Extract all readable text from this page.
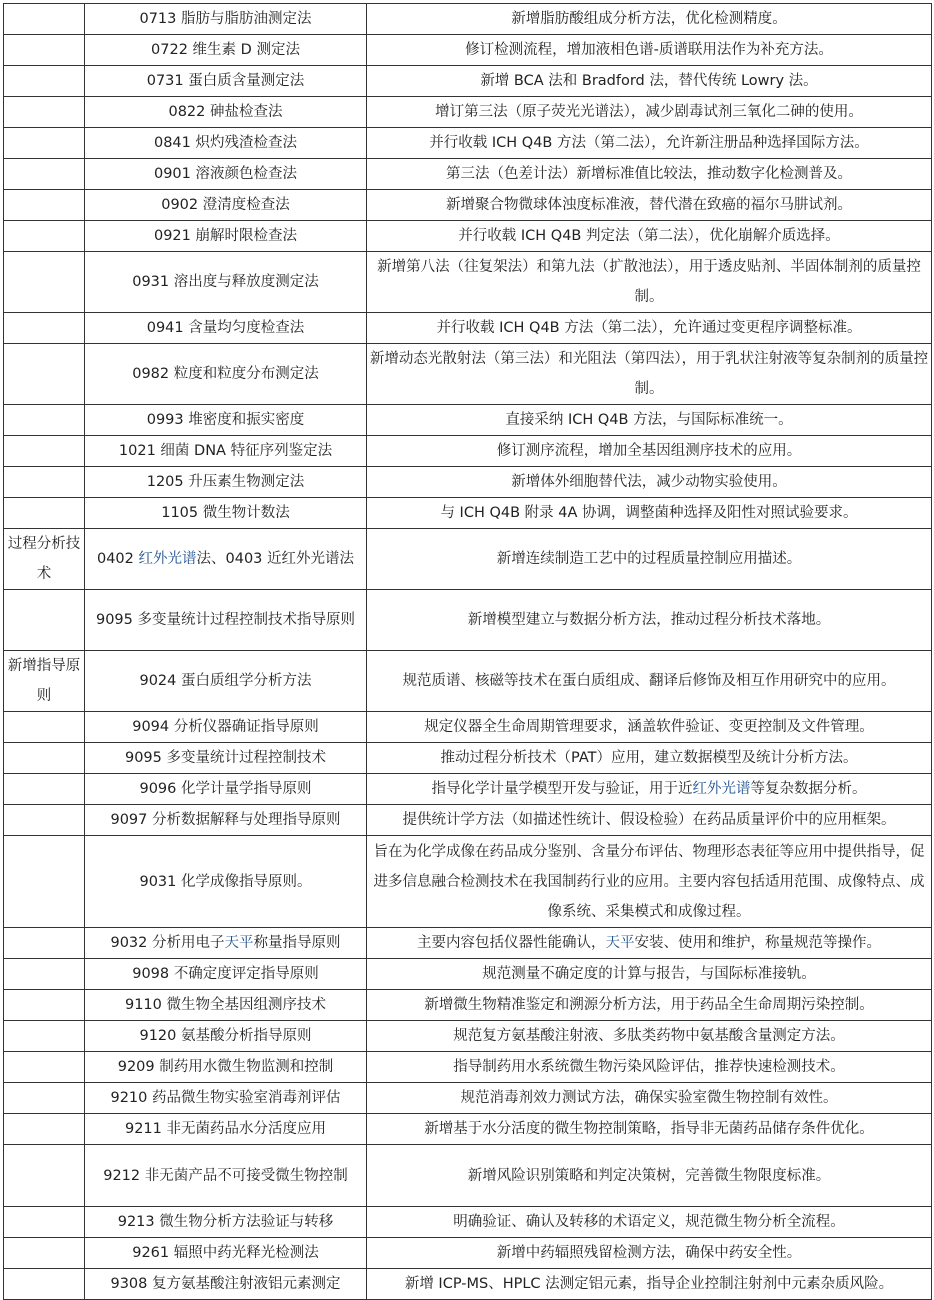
	0713 脂肪与脂肪油测定法	新增脂肪酸组成分析方法，优化检测精度。
	0722 维生素 D 测定法	修订检测流程，增加液相色谱-质谱联用法作为补充方法。
	0731 蛋白质含量测定法	新增 BCA 法和 Bradford 法，替代传统 Lowry 法。
	0822 砷盐检查法	增订第三法（原子荧光光谱法），减少剧毒试剂三氧化二砷的使用。
	0841 炽灼残渣检查法	并行收载 ICH Q4B 方法（第二法），允许新注册品种选择国际方法。
	0901 溶液颜色检查法	第三法（色差计法）新增标准值比较法，推动数字化检测普及。
	0902 澄清度检查法	新增聚合物微球体浊度标准液，替代潜在致癌的福尔马肼试剂。
	0921 崩解时限检查法	并行收载 ICH Q4B 判定法（第二法），优化崩解介质选择。
	0931 溶出度与释放度测定法	新增第八法（往复架法）和第九法（扩散池法），用于透皮贴剂、半固体制剂的质量控制。
	0941 含量均匀度检查法	并行收载 ICH Q4B 方法（第二法），允许通过变更程序调整标准。
	0982 粒度和粒度分布测定法	新增动态光散射法（第三法）和光阻法（第四法），用于乳状注射液等复杂制剂的质量控制。
	0993 堆密度和振实密度	直接采纳 ICH Q4B 方法，与国际标准统一。
	1021 细菌 DNA 特征序列鉴定法	修订测序流程，增加全基因组测序技术的应用。
	1205 升压素生物测定法	新增体外细胞替代法，减少动物实验使用。
	1105 微生物计数法	与 ICH Q4B 附录 4A 协调，调整菌种选择及阳性对照试验要求。
过程分析技术	0402 红外光谱法、0403 近红外光谱法	新增连续制造工艺中的过程质量控制应用描述。
	9095 多变量统计过程控制技术指导原则	新增模型建立与数据分析方法，推动过程分析技术落地。
新增指导原则	9024 蛋白质组学分析方法	规范质谱、核磁等技术在蛋白质组成、翻译后修饰及相互作用研究中的应用。
	9094 分析仪器确证指导原则	规定仪器全生命周期管理要求，涵盖软件验证、变更控制及文件管理。
	9095 多变量统计过程控制技术	推动过程分析技术（PAT）应用，建立数据模型及统计分析方法。
	9096 化学计量学指导原则	指导化学计量学模型开发与验证，用于近红外光谱等复杂数据分析。
	9097 分析数据解释与处理指导原则	提供统计学方法（如描述性统计、假设检验）在药品质量评价中的应用框架。
	9031 化学成像指导原则。	旨在为化学成像在药品成分鉴别、含量分布评估、物理形态表征等应用中提供指导，促进多信息融合检测技术在我国制药行业的应用。主要内容包括适用范围、成像特点、成像系统、采集模式和成像过程。
	9032 分析用电子天平称量指导原则	主要内容包括仪器性能确认，天平安装、使用和维护，称量规范等操作。
	9098 不确定度评定指导原则	规范测量不确定度的计算与报告，与国际标准接轨。
	9110 微生物全基因组测序技术	新增微生物精准鉴定和溯源分析方法，用于药品全生命周期污染控制。
	9120 氨基酸分析指导原则	规范复方氨基酸注射液、多肽类药物中氨基酸含量测定方法。
	9209 制药用水微生物监测和控制	指导制药用水系统微生物污染风险评估，推荐快速检测技术。
	9210 药品微生物实验室消毒剂评估	规范消毒剂效力测试方法，确保实验室微生物控制有效性。
	9211 非无菌药品水分活度应用	新增基于水分活度的微生物控制策略，指导非无菌药品储存条件优化。
	9212 非无菌产品不可接受微生物控制	新增风险识别策略和判定决策树，完善微生物限度标准。
	9213 微生物分析方法验证与转移	明确验证、确认及转移的术语定义，规范微生物分析全流程。
	9261 辐照中药光释光检测法	新增中药辐照残留检测方法，确保中药安全性。
	9308 复方氨基酸注射液铝元素测定	新增 ICP-MS、HPLC 法测定铝元素，指导企业控制注射剂中元素杂质风险。
